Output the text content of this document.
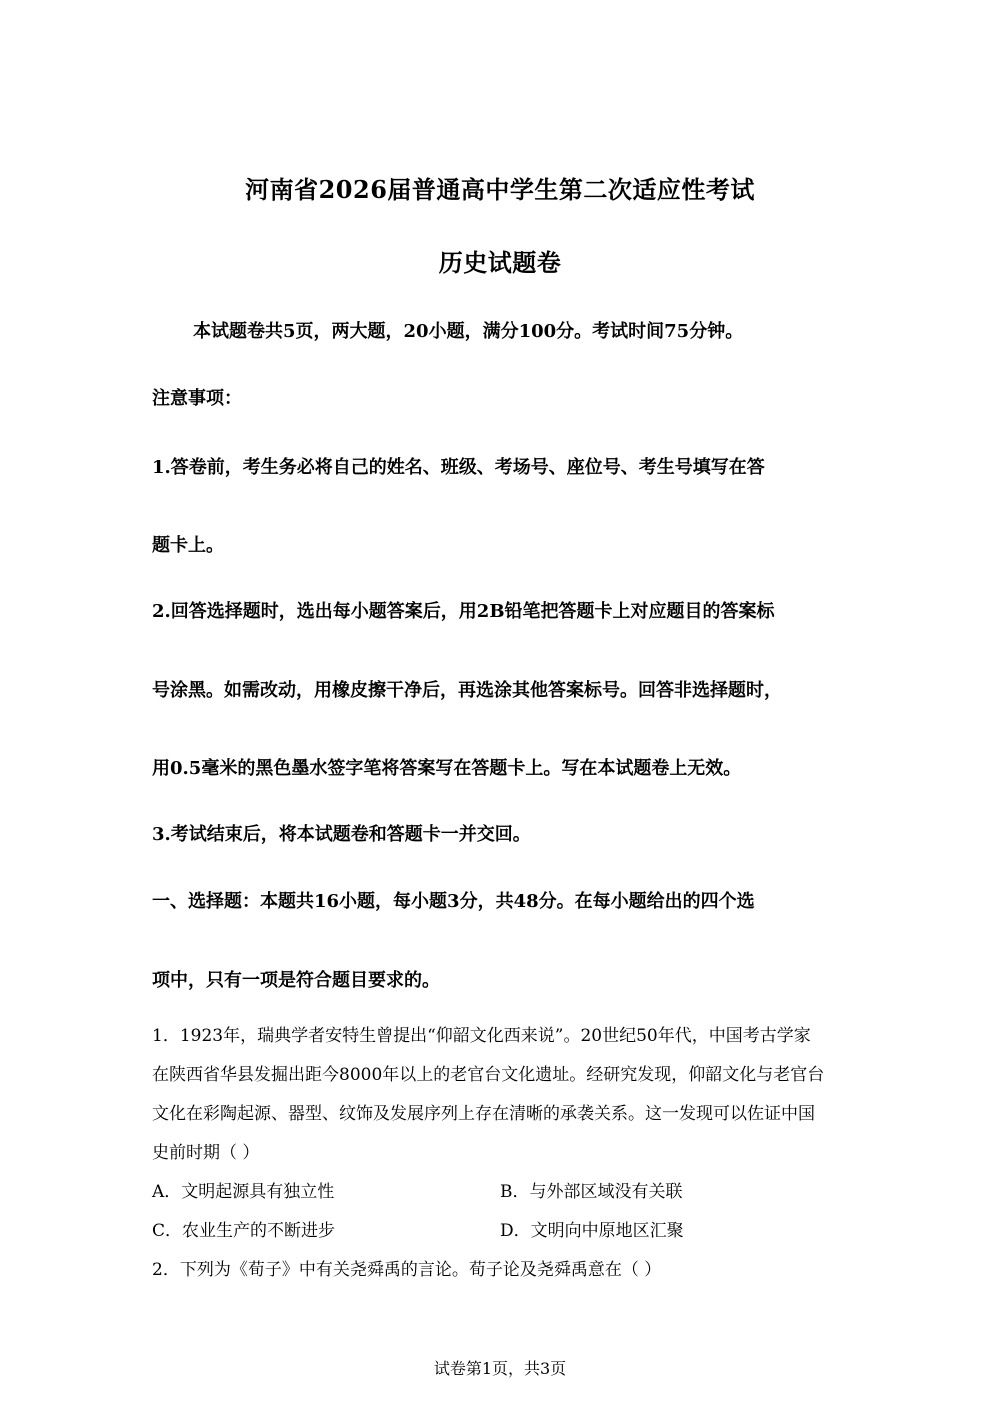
河南省2026届普通高中学生第二次适应性考试
历史试题卷
本试题卷共5页，两大题，20小题，满分100分。考试时间75分钟。
注意事项：
1.答卷前，考生务必将自己的姓名、班级、考场号、座位号、考生号填写在答
题卡上。
2.回答选择题时，选出每小题答案后，用2B铅笔把答题卡上对应题目的答案标
号涂黑。如需改动，用橡皮擦干净后，再选涂其他答案标号。回答非选择题时，
用0.5毫米的黑色墨水签字笔将答案写在答题卡上。写在本试题卷上无效。
3.考试结束后，将本试题卷和答题卡一并交回。
一、选择题：本题共16小题，每小题3分，共48分。在每小题给出的四个选
项中，只有一项是符合题目要求的。
1．1923年，瑞典学者安特生曾提出“仰韶文化西来说”。20世纪50年代，中国考古学家
在陕西省华县发掘出距今8000年以上的老官台文化遗址。经研究发现，仰韶文化与老官台
文化在彩陶起源、器型、纹饰及发展序列上存在清晰的承袭关系。这一发现可以佐证中国
史前时期（ ）
A．文明起源具有独立性	B．与外部区域没有关联
C．农业生产的不断进步	D．文明向中原地区汇聚
2．下列为《荀子》中有关尧舜禹的言论。荀子论及尧舜禹意在（ ）
试卷第1页，共3页
